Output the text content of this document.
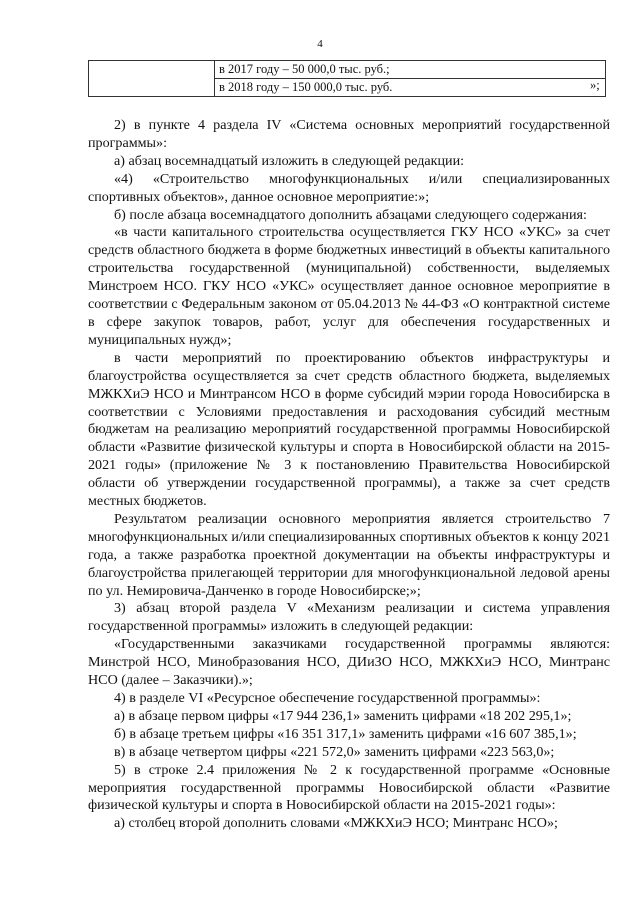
4
	в 2017 году – 50 000,0 тыс. руб.;
в 2018 году – 150 000,0 тыс. руб.	»;

2) в пункте 4 раздела IV «Система основных мероприятий государственной программы»:

а) абзац восемнадцатый изложить в следующей редакции:

«4) «Строительство многофункциональных и/или специализированных спортивных объектов», данное основное мероприятие:»;

б) после абзаца восемнадцатого дополнить абзацами следующего содержания:

«в части капитального строительства осуществляется ГКУ НСО «УКС» за счет средств областного бюджета в форме бюджетных инвестиций в объекты капитального строительства государственной (муниципальной) собственности, выделяемых Минстроем НСО. ГКУ НСО «УКС» осуществляет данное основное мероприятие в соответствии с Федеральным законом от 05.04.2013 № 44-ФЗ «О контрактной системе в сфере закупок товаров, работ, услуг для обеспечения государственных и муниципальных нужд»;

в части мероприятий по проектированию объектов инфраструктуры и благоустройства осуществляется за счет средств областного бюджета, выделяемых МЖКХиЭ НСО и Минтрансом НСО в форме субсидий мэрии города Новосибирска в соответствии с Условиями предоставления и расходования субсидий местным бюджетам на реализацию мероприятий государственной программы Новосибирской области «Развитие физической культуры и спорта в Новосибирской области на 2015-2021 годы» (приложение № 3 к постановлению Правительства Новосибирской области об утверждении государственной программы), а также за счет средств местных бюджетов.

Результатом реализации основного мероприятия является строительство 7 многофункциональных и/или специализированных спортивных объектов к концу 2021 года, а также разработка проектной документации на объекты инфраструктуры и благоустройства прилегающей территории для многофункциональной ледовой арены по ул. Немировича-Данченко в городе Новосибирске;»;

3) абзац второй раздела V «Механизм реализации и система управления государственной программы» изложить в следующей редакции:

«Государственными заказчиками государственной программы являются: Минстрой НСО, Минобразования НСО, ДИиЗО НСО, МЖКХиЭ НСО, Минтранс НСО (далее – Заказчики).»;

4) в разделе VI «Ресурсное обеспечение государственной программы»:

а) в абзаце первом цифры «17 944 236,1» заменить цифрами «18 202 295,1»;

б) в абзаце третьем цифры «16 351 317,1» заменить цифрами «16 607 385,1»;

в) в абзаце четвертом цифры «221 572,0» заменить цифрами «223 563,0»;

5) в строке 2.4 приложения № 2 к государственной программе «Основные мероприятия государственной программы Новосибирской области «Развитие физической культуры и спорта в Новосибирской области на 2015-2021 годы»:

а) столбец второй дополнить словами «МЖКХиЭ НСО; Минтранс НСО»;
